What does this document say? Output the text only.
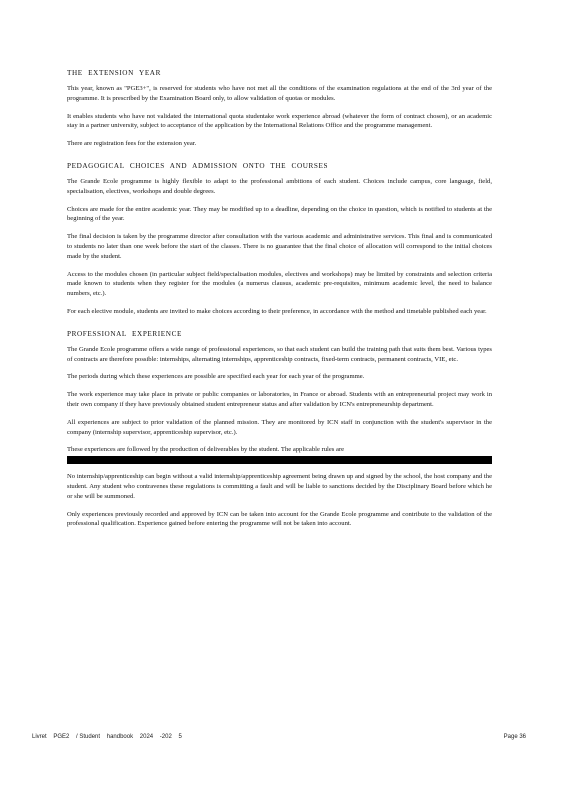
THE EXTENSION YEAR

This year, known as "PGE3+", is reserved for students who have not met all the conditions of the examination regulations at the end of the 3rd year of the programme. It is prescribed by the Examination Board only, to allow validation of quotas or modules.

It enables students who have not validated the international quota studentake work experience abroad (whatever the form of contract chosen), or an academic stay in a partner university, subject to acceptance of the application by the International Relations Office and the programme management.

There are registration fees for the extension year.

PEDAGOGICAL CHOICES AND ADMISSION ONTO THE COURSES

The Grande Ecole programme is highly flexible to adapt to the professional ambitions of each student. Choices include campus, core language, field, specialisation, electives, workshops and double degrees.

Choices are made for the entire academic year. They may be modified up to a deadline, depending on the choice in question, which is notified to students at the beginning of the year.

The final decision is taken by the programme director after consultation with the various academic and administrative services. This final and is communicated to students no later than one week before the start of the classes. There is no guarantee that the final choice of allocation will correspond to the initial choices made by the student.

Access to the modules chosen (in particular subject field/specialisation modules, electives and workshops) may be limited by constraints and selection criteria made known to students when they register for the modules (a numerus clausus, academic pre-requisites, minimum academic level, the need to balance numbers, etc.).

For each elective module, students are invited to make choices according to their preference, in accordance with the method and timetable published each year.

PROFESSIONAL EXPERIENCE

The Grande Ecole programme offers a wide range of professional experiences, so that each student can build the training path that suits them best. Various types of contracts are therefore possible: internships, alternating internships, apprenticeship contracts, fixed-term contracts, permanent contracts, VIE, etc.

The periods during which these experiences are possible are specified each year for each year of the programme.

The work experience may take place in private or public companies or laboratories, in France or abroad. Students with an entrepreneurial project may work in their own company if they have previously obtained student entrepreneur status and after validation by ICN's entrepreneurship department.

All experiences are subject to prior validation of the planned mission. They are monitored by ICN staff in conjunction with the student's supervisor in the company (internship supervisor, apprenticeship supervisor, etc.).

These experiences are followed by the production of deliverables by the student. The applicable rules are

No internship/apprenticeship can begin without a valid internship/apprenticeship agreement being drawn up and signed by the school, the host company and the student. Any student who contravenes these regulations is committing a fault and will be liable to sanctions decided by the Disciplinary Board before which he or she will be summoned.

Only experiences previously recorded and approved by ICN can be taken into account for the Grande Ecole programme and contribute to the validation of the professional qualification. Experience gained before entering the programme will not be taken into account.

Livret PGE2 / Student handbook 2024 -202 5	Page 36
